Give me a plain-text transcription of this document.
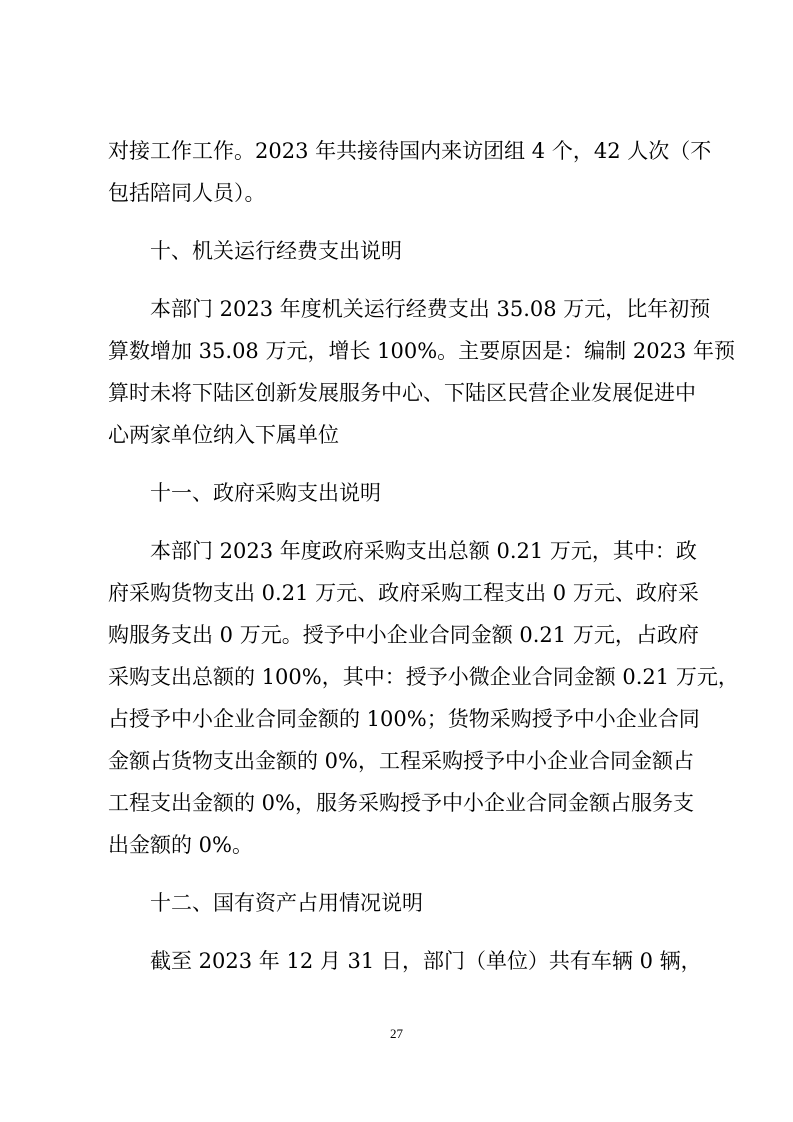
对接工作工作。2023 年共接待国内来访团组 4 个，42 人次（不
包括陪同人员）。
十、机关运行经费支出说明
本部门 2023 年度机关运行经费支出 35.08 万元，比年初预
算数增加 35.08 万元，增长 100%。主要原因是：编制 2023 年预
算时未将下陆区创新发展服务中心、下陆区民营企业发展促进中
心两家单位纳入下属单位
十一、政府采购支出说明
本部门 2023 年度政府采购支出总额 0.21 万元，其中：政
府采购货物支出 0.21 万元、政府采购工程支出 0 万元、政府采
购服务支出 0 万元。授予中小企业合同金额 0.21 万元，占政府
采购支出总额的 100%，其中：授予小微企业合同金额 0.21 万元，
占授予中小企业合同金额的 100%；货物采购授予中小企业合同
金额占货物支出金额的 0%，工程采购授予中小企业合同金额占
工程支出金额的 0%，服务采购授予中小企业合同金额占服务支
出金额的 0%。
十二、国有资产占用情况说明
截至 2023 年 12 月 31 日，部门（单位）共有车辆 0 辆，
27
